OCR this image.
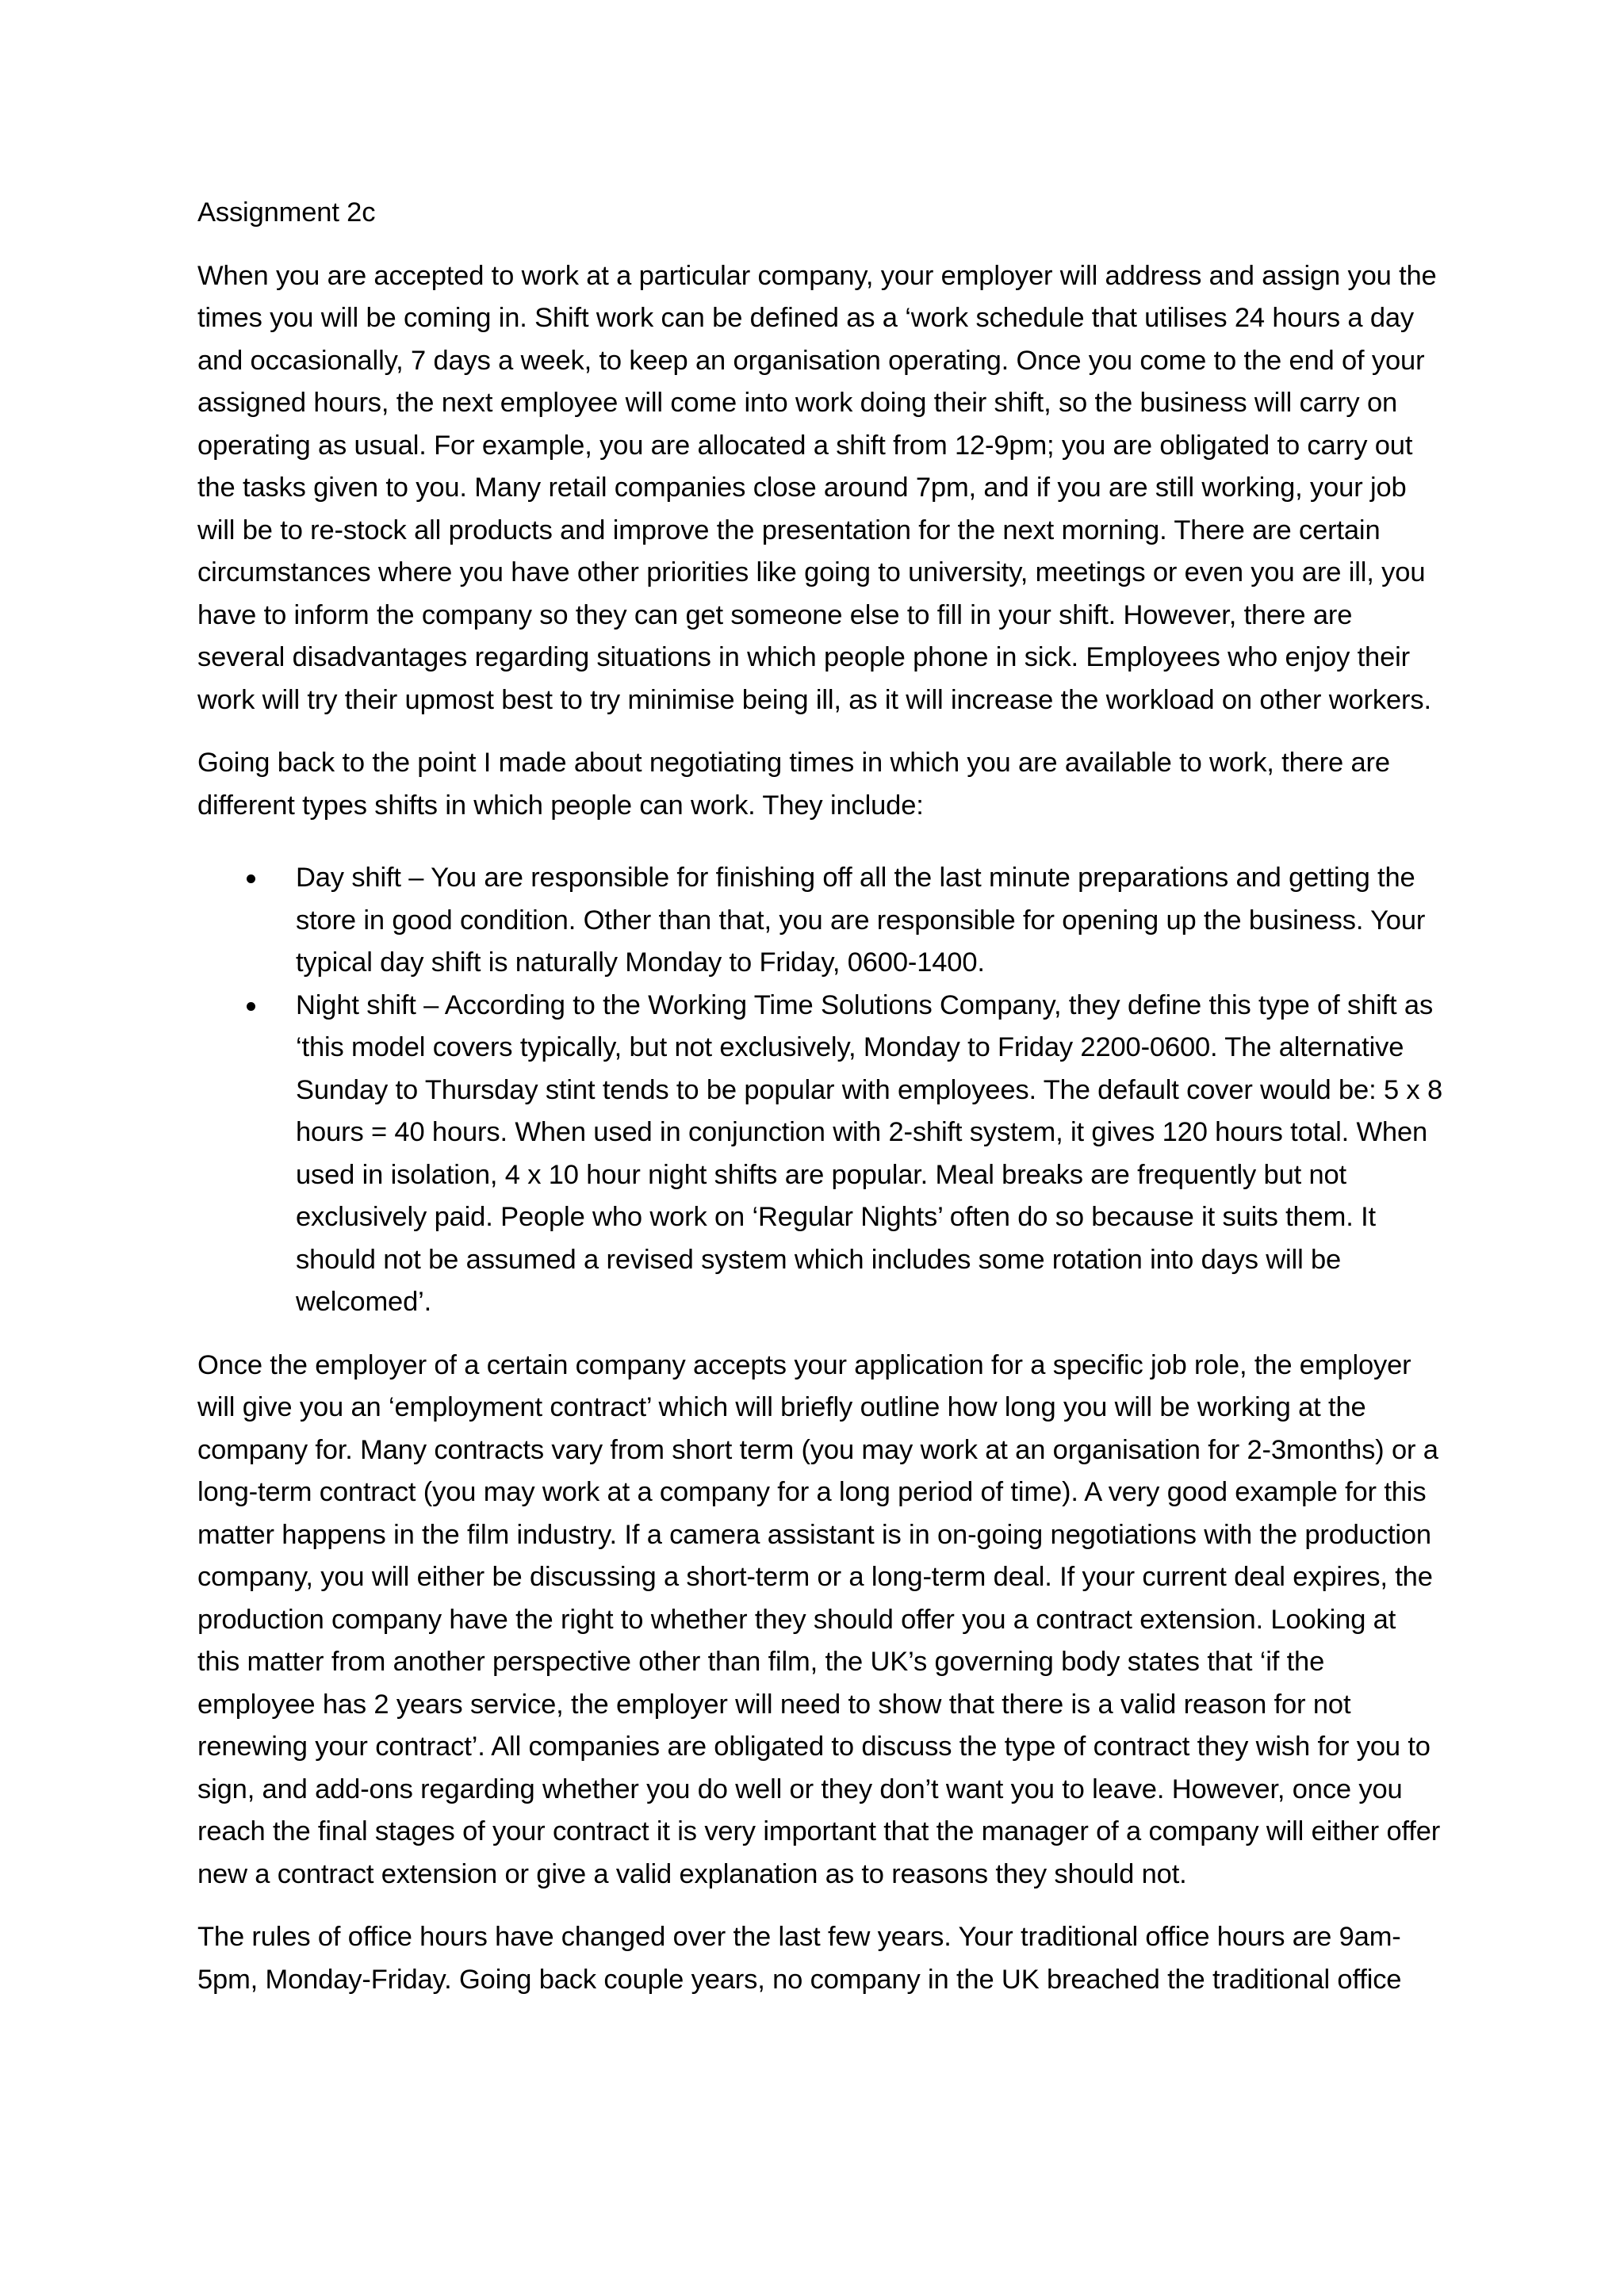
Assignment 2c

When you are accepted to work at a particular company, your employer will address and assign you the times you will be coming in. Shift work can be defined as a ‘work schedule that utilises 24 hours a day and occasionally, 7 days a week, to keep an organisation operating. Once you come to the end of your assigned hours, the next employee will come into work doing their shift, so the business will carry on operating as usual. For example, you are allocated a shift from 12-9pm; you are obligated to carry out the tasks given to you. Many retail companies close around 7pm, and if you are still working, your job will be to re-stock all products and improve the presentation for the next morning. There are certain circumstances where you have other priorities like going to university, meetings or even you are ill, you have to inform the company so they can get someone else to fill in your shift. However, there are several disadvantages regarding situations in which people phone in sick. Employees who enjoy their work will try their upmost best to try minimise being ill, as it will increase the workload on other workers.

Going back to the point I made about negotiating times in which you are available to work, there are different types shifts in which people can work. They include:

Day shift – You are responsible for finishing off all the last minute preparations and getting the store in good condition. Other than that, you are responsible for opening up the business. Your typical day shift is naturally Monday to Friday, 0600-1400.
Night shift – According to the Working Time Solutions Company, they define this type of shift as ‘this model covers typically, but not exclusively, Monday to Friday 2200-0600. The alternative Sunday to Thursday stint tends to be popular with employees. The default cover would be: 5 x 8 hours = 40 hours. When used in conjunction with 2-shift system, it gives 120 hours total. When used in isolation, 4 x 10 hour night shifts are popular. Meal breaks are frequently but not exclusively paid. People who work on ‘Regular Nights’ often do so because it suits them. It should not be assumed a revised system which includes some rotation into days will be welcomed’.

Once the employer of a certain company accepts your application for a specific job role, the employer will give you an ‘employment contract’ which will briefly outline how long you will be working at the company for. Many contracts vary from short term (you may work at an organisation for 2-3months) or a long-term contract (you may work at a company for a long period of time). A very good example for this matter happens in the film industry. If a camera assistant is in on-going negotiations with the production company, you will either be discussing a short-term or a long-term deal. If your current deal expires, the production company have the right to whether they should offer you a contract extension. Looking at this matter from another perspective other than film, the UK’s governing body states that ‘if the employee has 2 years service, the employer will need to show that there is a valid reason for not renewing your contract’. All companies are obligated to discuss the type of contract they wish for you to sign, and add-ons regarding whether you do well or they don’t want you to leave. However, once you reach the final stages of your contract it is very important that the manager of a company will either offer new a contract extension or give a valid explanation as to reasons they should not.

The rules of office hours have changed over the last few years. Your traditional office hours are 9am-5pm, Monday-Friday. Going back couple years, no company in the UK breached the traditional office
